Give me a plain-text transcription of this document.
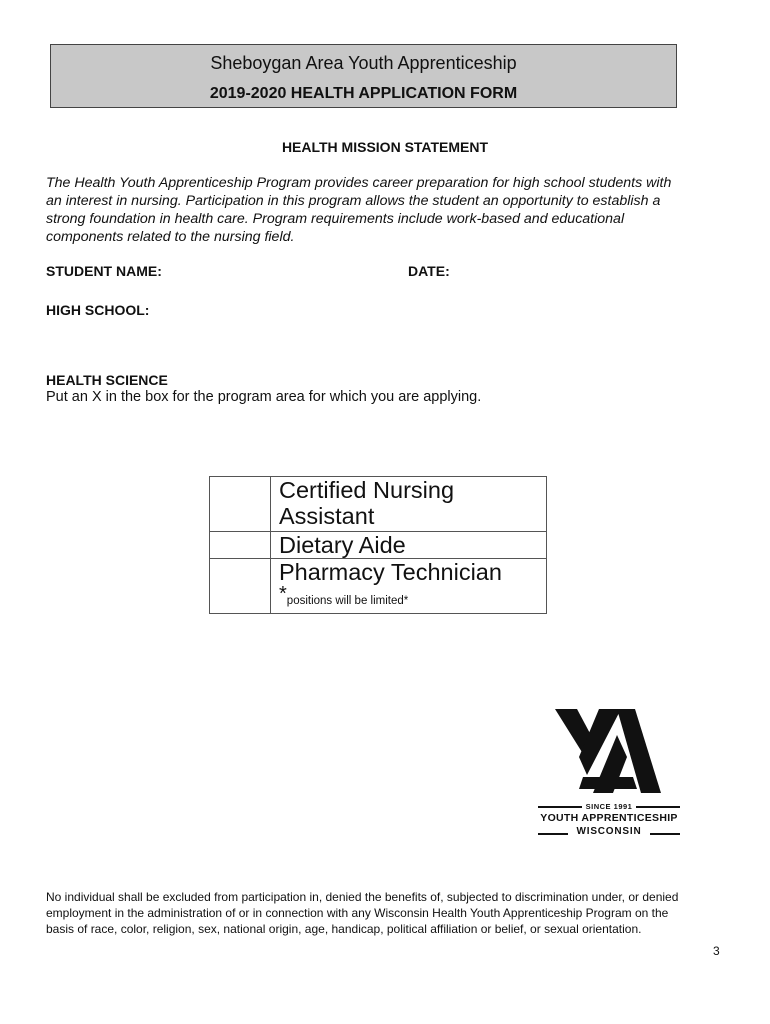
Sheboygan Area Youth Apprenticeship
2019-2020 HEALTH APPLICATION FORM
HEALTH MISSION STATEMENT
The Health Youth Apprenticeship Program provides career preparation for high school students with
an interest in nursing. Participation in this program allows the student an opportunity to establish a
strong foundation in health care. Program requirements include work-based and educational
components related to the nursing field.
STUDENT NAME:	DATE:
HIGH SCHOOL:
HEALTH SCIENCE
Put an X in the box for the program area for which you are applying.

	Certified Nursing
Assistant

	Dietary Aide

	Pharmacy Technician
*positions will be limited*
SINCE 1991
YOUTH APPRENTICESHIP
WISCONSIN
No individual shall be excluded from participation in, denied the benefits of, subjected to discrimination under, or denied
employment in the administration of or in connection with any Wisconsin Health Youth Apprenticeship Program on the
basis of race, color, religion, sex, national origin, age, handicap, political affiliation or belief, or sexual orientation.
3
